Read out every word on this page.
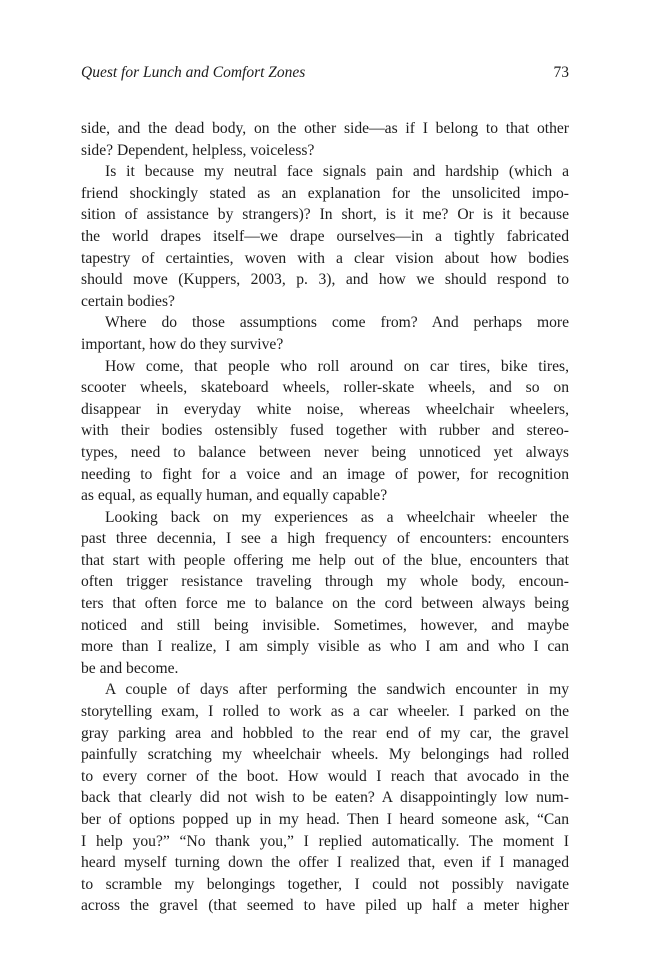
Quest for Lunch and Comfort Zones	73
side, and the dead body, on the other side—as if I belong to that other
side? Dependent, helpless, voiceless?
Is it because my neutral face signals pain and hardship (which a
friend shockingly stated as an explanation for the unsolicited impo-
sition of assistance by strangers)? In short, is it me? Or is it because
the world drapes itself—we drape ourselves—in a tightly fabricated
tapestry of certainties, woven with a clear vision about how bodies
should move (Kuppers, 2003, p. 3), and how we should respond to
certain bodies?
Where do those assumptions come from? And perhaps more
important, how do they survive?
How come, that people who roll around on car tires, bike tires,
scooter wheels, skateboard wheels, roller-skate wheels, and so on
disappear in everyday white noise, whereas wheelchair wheelers,
with their bodies ostensibly fused together with rubber and stereo-
types, need to balance between never being unnoticed yet always
needing to fight for a voice and an image of power, for recognition
as equal, as equally human, and equally capable?
Looking back on my experiences as a wheelchair wheeler the
past three decennia, I see a high frequency of encounters: encounters
that start with people offering me help out of the blue, encounters that
often trigger resistance traveling through my whole body, encoun-
ters that often force me to balance on the cord between always being
noticed and still being invisible. Sometimes, however, and maybe
more than I realize, I am simply visible as who I am and who I can
be and become.
A couple of days after performing the sandwich encounter in my
storytelling exam, I rolled to work as a car wheeler. I parked on the
gray parking area and hobbled to the rear end of my car, the gravel
painfully scratching my wheelchair wheels. My belongings had rolled
to every corner of the boot. How would I reach that avocado in the
back that clearly did not wish to be eaten? A disappointingly low num-
ber of options popped up in my head. Then I heard someone ask, “Can
I help you?” “No thank you,” I replied automatically. The moment I
heard myself turning down the offer I realized that, even if I managed
to scramble my belongings together, I could not possibly navigate
across the gravel (that seemed to have piled up half a meter higher
